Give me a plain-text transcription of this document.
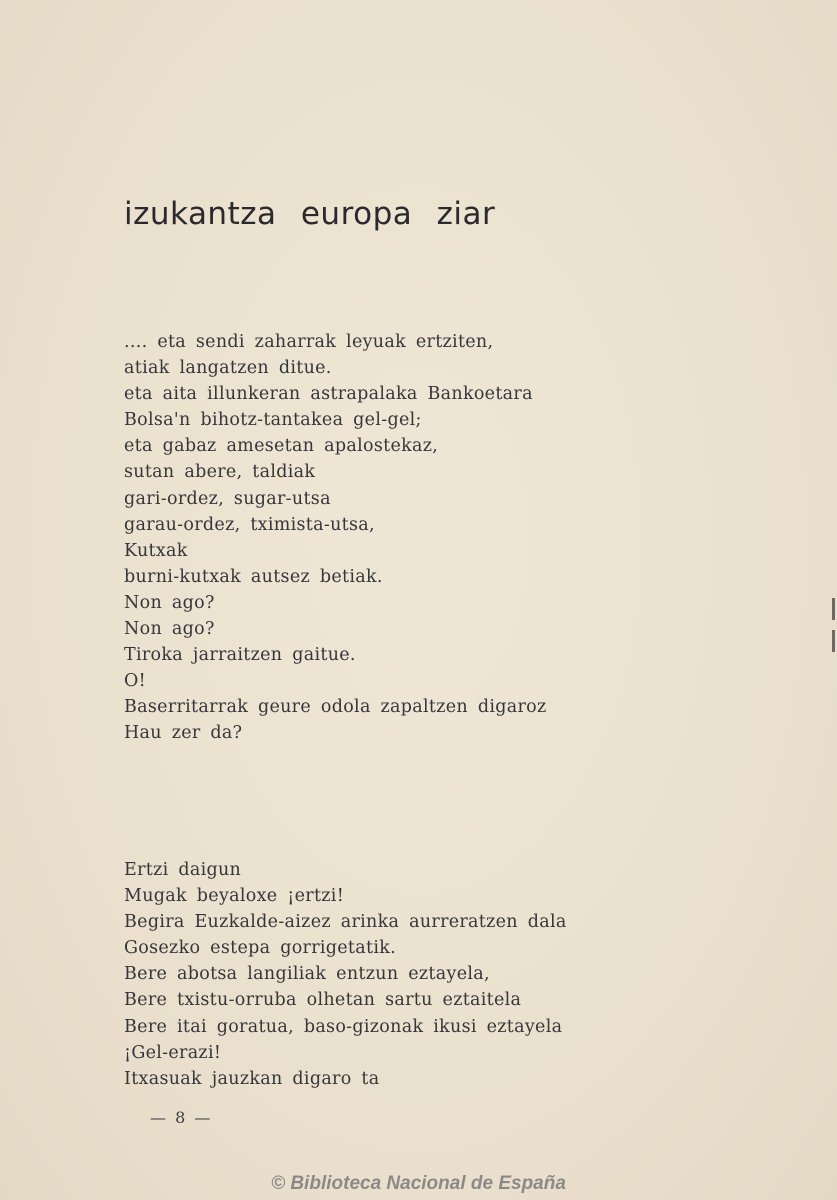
izukantza europa ziar
.... eta sendi zaharrak leyuak ertziten,
atiak langatzen ditue.
eta aita illunkeran astrapalaka Bankoetara
Bolsa'n bihotz-tantakea gel-gel;
eta gabaz amesetan apalostekaz,
sutan abere, taldiak
gari-ordez, sugar-utsa
garau-ordez, tximista-utsa,
Kutxak
burni-kutxak autsez betiak.
Non ago?
Non ago?
Tiroka jarraitzen gaitue.
O!
Baserritarrak geure odola zapaltzen digaroz
Hau zer da?
Ertzi daigun
Mugak beyaloxe ¡ertzi!
Begira Euzkalde-aizez arinka aurreratzen dala
Gosezko estepa gorrigetatik.
Bere abotsa langiliak entzun eztayela,
Bere txistu-orruba olhetan sartu eztaitela
Bere itai goratua, baso-gizonak ikusi eztayela
¡Gel-erazi!
Itxasuak jauzkan digaro ta
— 8 —
© Biblioteca Nacional de España
